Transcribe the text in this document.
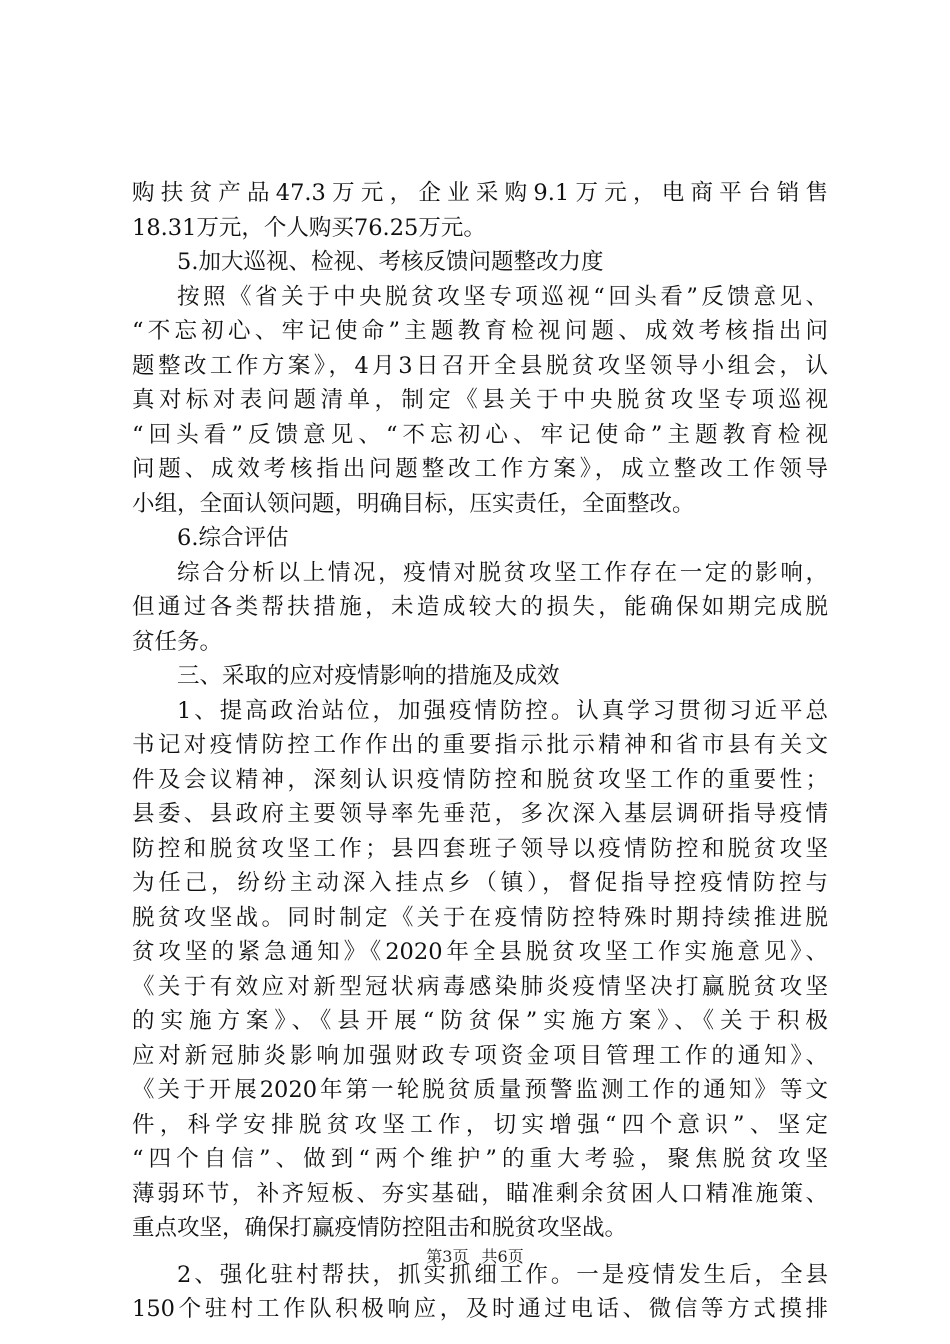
购扶贫产品47.3万元，企业采购9.1万元，电商平台销售
18.31万元，个人购买76.25万元。
5.加大巡视、检视、考核反馈问题整改力度
按照《省关于中央脱贫攻坚专项巡视“回头看”反馈意见、
“不忘初心、牢记使命”主题教育检视问题、成效考核指出问
题整改工作方案》，4月3日召开全县脱贫攻坚领导小组会，认
真对标对表问题清单，制定《县关于中央脱贫攻坚专项巡视
“回头看”反馈意见、“不忘初心、牢记使命”主题教育检视
问题、成效考核指出问题整改工作方案》，成立整改工作领导
小组，全面认领问题，明确目标，压实责任，全面整改。
6.综合评估
综合分析以上情况，疫情对脱贫攻坚工作存在一定的影响，
但通过各类帮扶措施，未造成较大的损失，能确保如期完成脱
贫任务。
三、采取的应对疫情影响的措施及成效
1、提高政治站位，加强疫情防控。认真学习贯彻习近平总
书记对疫情防控工作作出的重要指示批示精神和省市县有关文
件及会议精神，深刻认识疫情防控和脱贫攻坚工作的重要性；
县委、县政府主要领导率先垂范，多次深入基层调研指导疫情
防控和脱贫攻坚工作；县四套班子领导以疫情防控和脱贫攻坚
为任己，纷纷主动深入挂点乡（镇），督促指导控疫情防控与
脱贫攻坚战。同时制定《关于在疫情防控特殊时期持续推进脱
贫攻坚的紧急通知》《2020年全县脱贫攻坚工作实施意见》、
《关于有效应对新型冠状病毒感染肺炎疫情坚决打赢脱贫攻坚
的实施方案》、《县开展“防贫保”实施方案》、《关于积极
应对新冠肺炎影响加强财政专项资金项目管理工作的通知》、
《关于开展2020年第一轮脱贫质量预警监测工作的通知》等文
件，科学安排脱贫攻坚工作，切实增强“四个意识”、坚定
“四个自信”、做到“两个维护”的重大考验，聚焦脱贫攻坚
薄弱环节，补齐短板、夯实基础，瞄准剩余贫困人口精准施策、
重点攻坚，确保打赢疫情防控阻击和脱贫攻坚战。
2、强化驻村帮扶，抓实抓细工作。一是疫情发生后，全县
150个驻村工作队积极响应，及时通过电话、微信等方式摸排
第3页 共6页
